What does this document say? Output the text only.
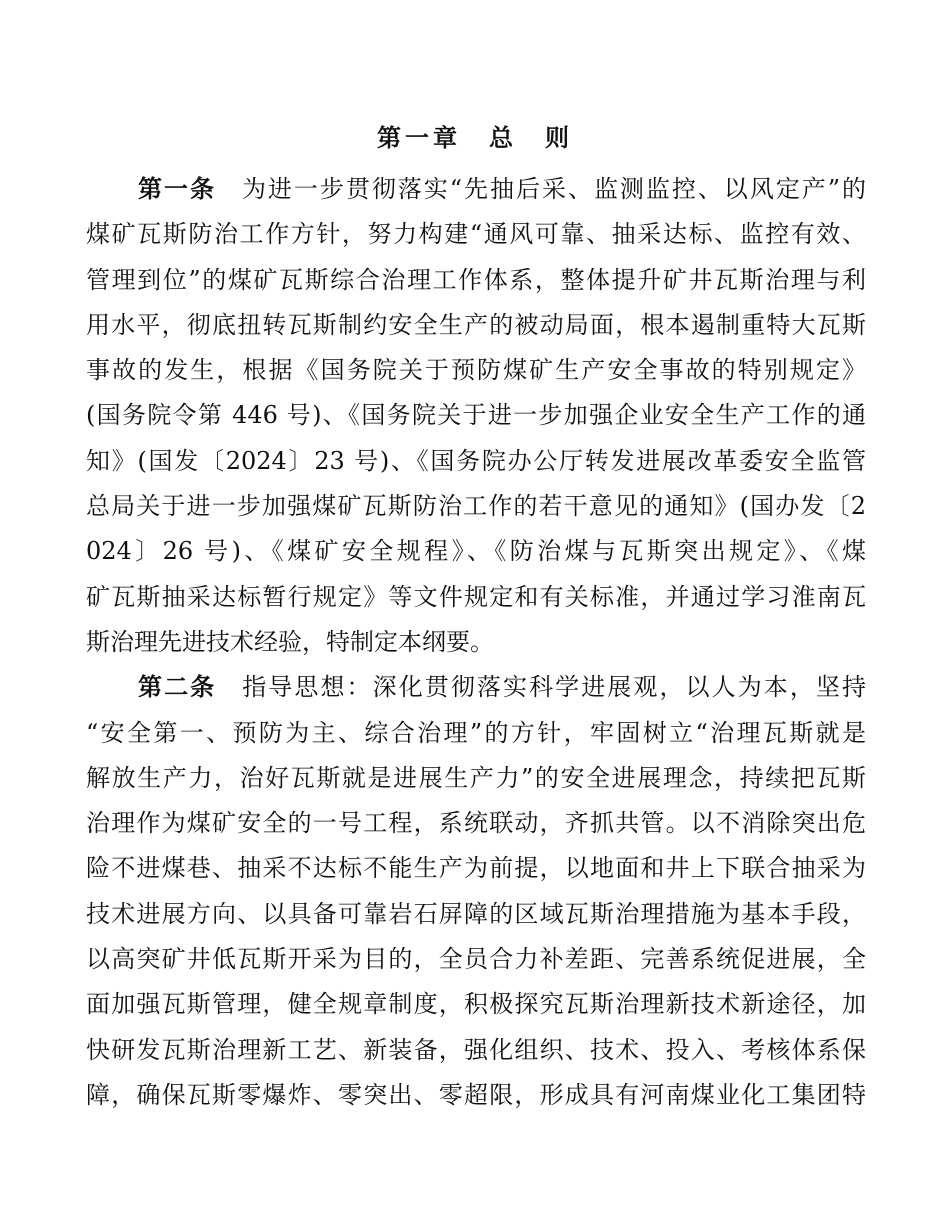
第一章　总　则
第一条 为进一步贯彻落实“先抽后采、监测监控、以风定产”的
煤矿瓦斯防治工作方针，努力构建“通风可靠、抽采达标、监控有效、
管理到位”的煤矿瓦斯综合治理工作体系，整体提升矿井瓦斯治理与利
用水平，彻底扭转瓦斯制约安全生产的被动局面，根本遏制重特大瓦斯
事故的发生，根据《国务院关于预防煤矿生产安全事故的特别规定》
(国务院令第 446 号)、《国务院关于进一步加强企业安全生产工作的通
知》(国发〔2024〕23 号)、《国务院办公厅转发进展改革委安全监管
总局关于进一步加强煤矿瓦斯防治工作的若干意见的通知》(国办发〔2
024〕26 号)、《煤矿安全规程》、《防治煤与瓦斯突出规定》、《煤
矿瓦斯抽采达标暂行规定》等文件规定和有关标准，并通过学习淮南瓦
斯治理先进技术经验，特制定本纲要。
第二条 指导思想：深化贯彻落实科学进展观，以人为本，坚持
“安全第一、预防为主、综合治理”的方针，牢固树立“治理瓦斯就是
解放生产力，治好瓦斯就是进展生产力”的安全进展理念，持续把瓦斯
治理作为煤矿安全的一号工程，系统联动，齐抓共管。以不消除突出危
险不进煤巷、抽采不达标不能生产为前提，以地面和井上下联合抽采为
技术进展方向、以具备可靠岩石屏障的区域瓦斯治理措施为基本手段，
以高突矿井低瓦斯开采为目的，全员合力补差距、完善系统促进展，全
面加强瓦斯管理，健全规章制度，积极探究瓦斯治理新技术新途径，加
快研发瓦斯治理新工艺、新装备，强化组织、技术、投入、考核体系保
障，确保瓦斯零爆炸、零突出、零超限，形成具有河南煤业化工集团特
